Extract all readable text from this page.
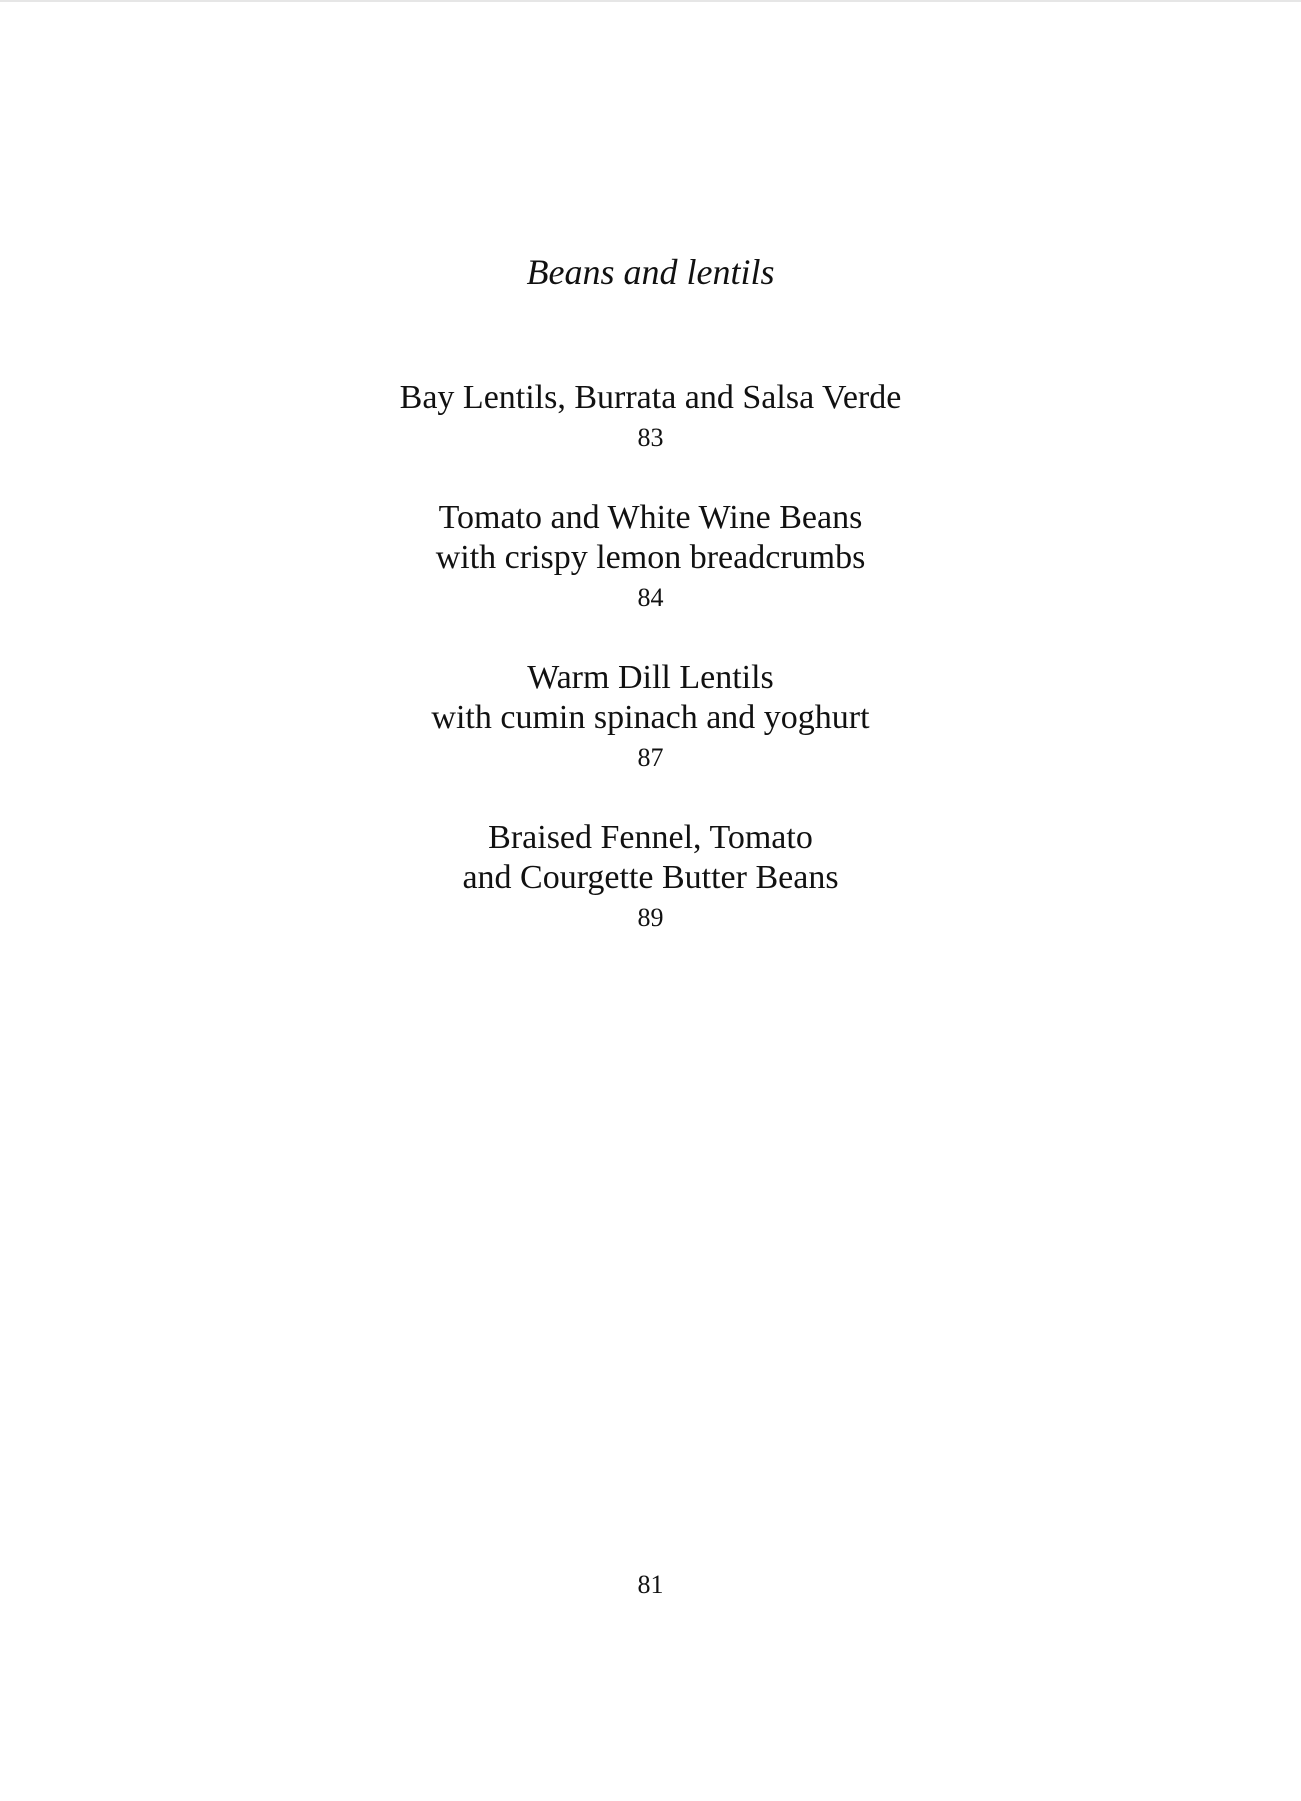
Beans and lentils
Bay Lentils, Burrata and Salsa Verde
83
Tomato and White Wine Beans
with crispy lemon breadcrumbs
84
Warm Dill Lentils
with cumin spinach and yoghurt
87
Braised Fennel, Tomato
and Courgette Butter Beans
89
81
